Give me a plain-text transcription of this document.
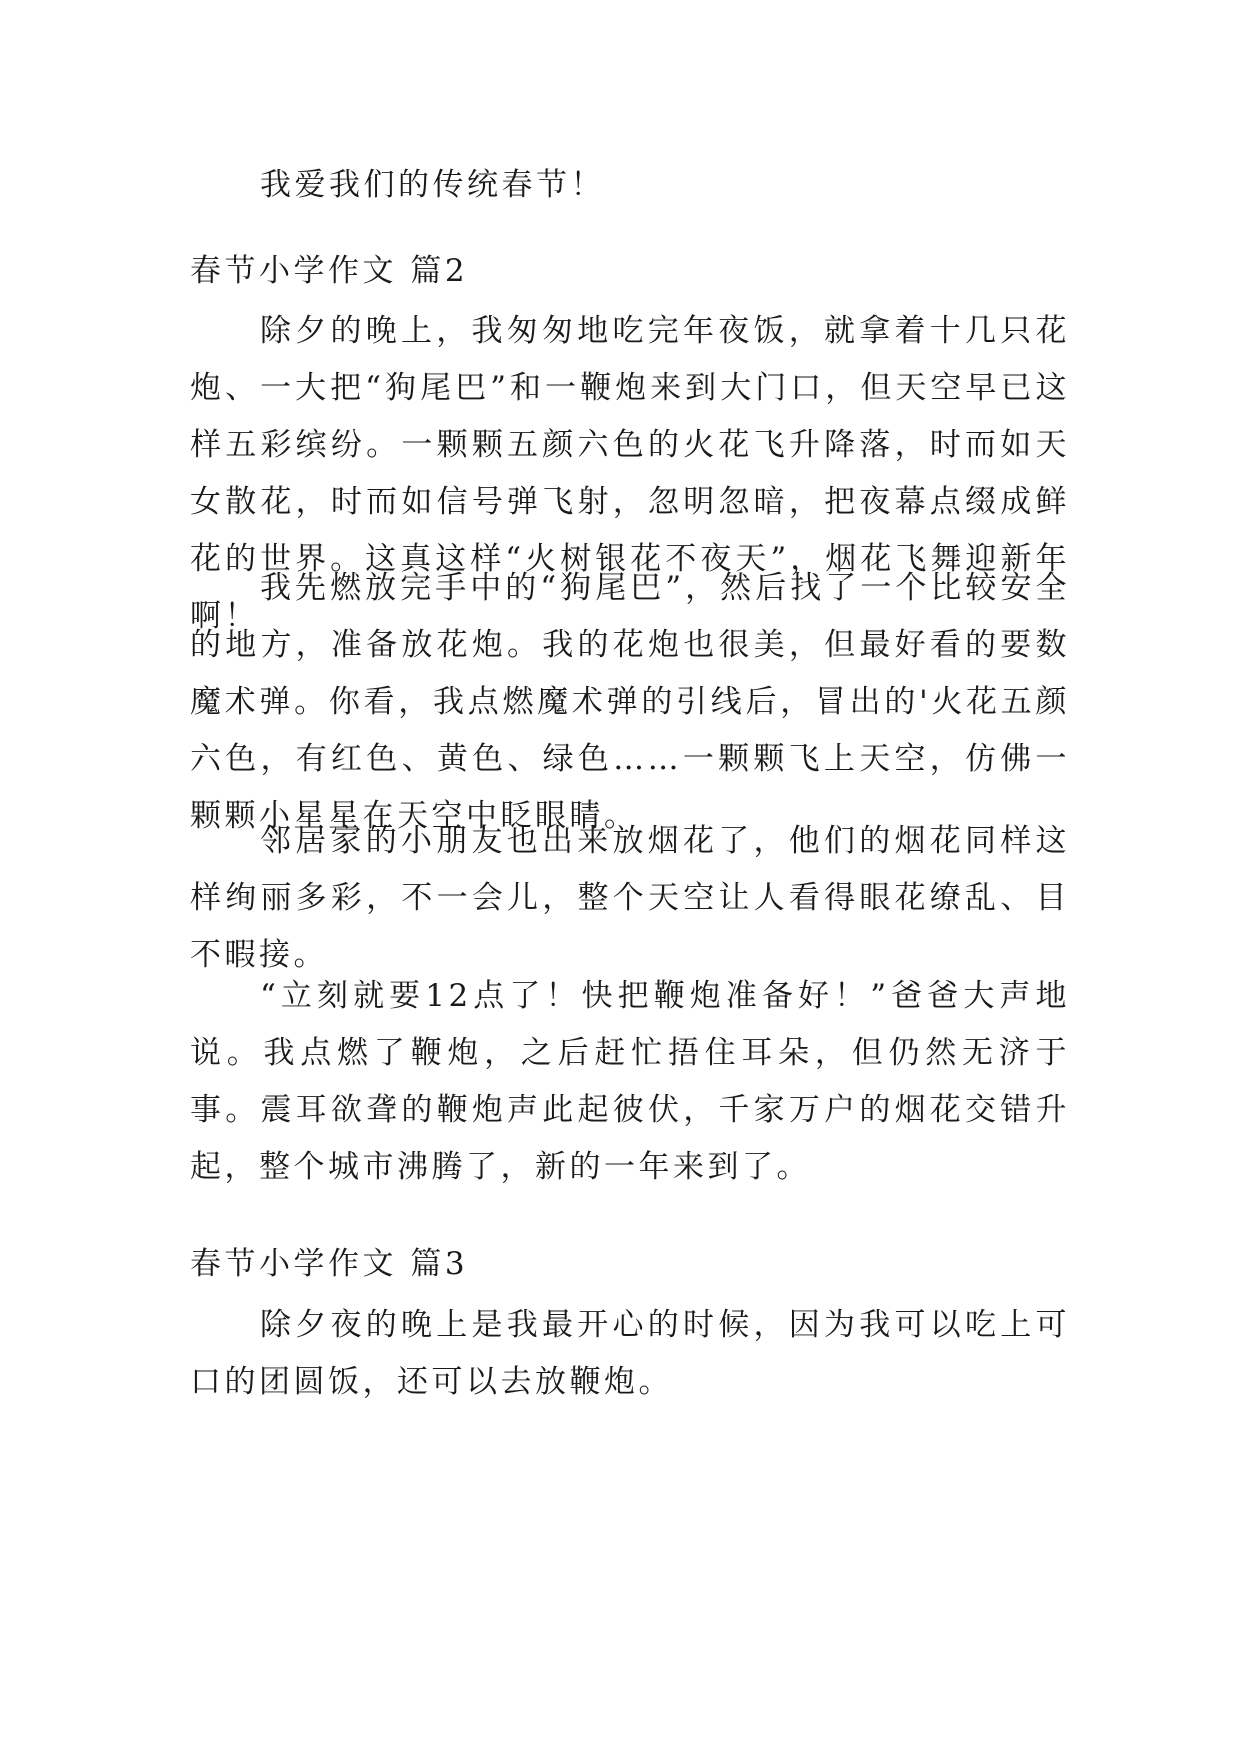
我爱我们的传统春节！

春节小学作文 篇2

除夕的晚上，我匆匆地吃完年夜饭，就拿着十几只花炮、一大把“狗尾巴”和一鞭炮来到大门口，但天空早已这样五彩缤纷。一颗颗五颜六色的火花飞升降落，时而如天女散花，时而如信号弹飞射，忽明忽暗，把夜幕点缀成鲜花的世界。这真这样“火树银花不夜天”，烟花飞舞迎新年啊！

我先燃放完手中的“狗尾巴”，然后找了一个比较安全的地方，准备放花炮。我的花炮也很美，但最好看的要数魔术弹。你看，我点燃魔术弹的引线后，冒出的'火花五颜六色，有红色、黄色、绿色……一颗颗飞上天空，仿佛一颗颗小星星在天空中眨眼睛。

邻居家的小朋友也出来放烟花了，他们的烟花同样这样绚丽多彩，不一会儿，整个天空让人看得眼花缭乱、目不暇接。

“立刻就要12点了！快把鞭炮准备好！”爸爸大声地说。我点燃了鞭炮，之后赶忙捂住耳朵，但仍然无济于事。震耳欲聋的鞭炮声此起彼伏，千家万户的烟花交错升起，整个城市沸腾了，新的一年来到了。

春节小学作文 篇3

除夕夜的晚上是我最开心的时候，因为我可以吃上可口的团圆饭，还可以去放鞭炮。
